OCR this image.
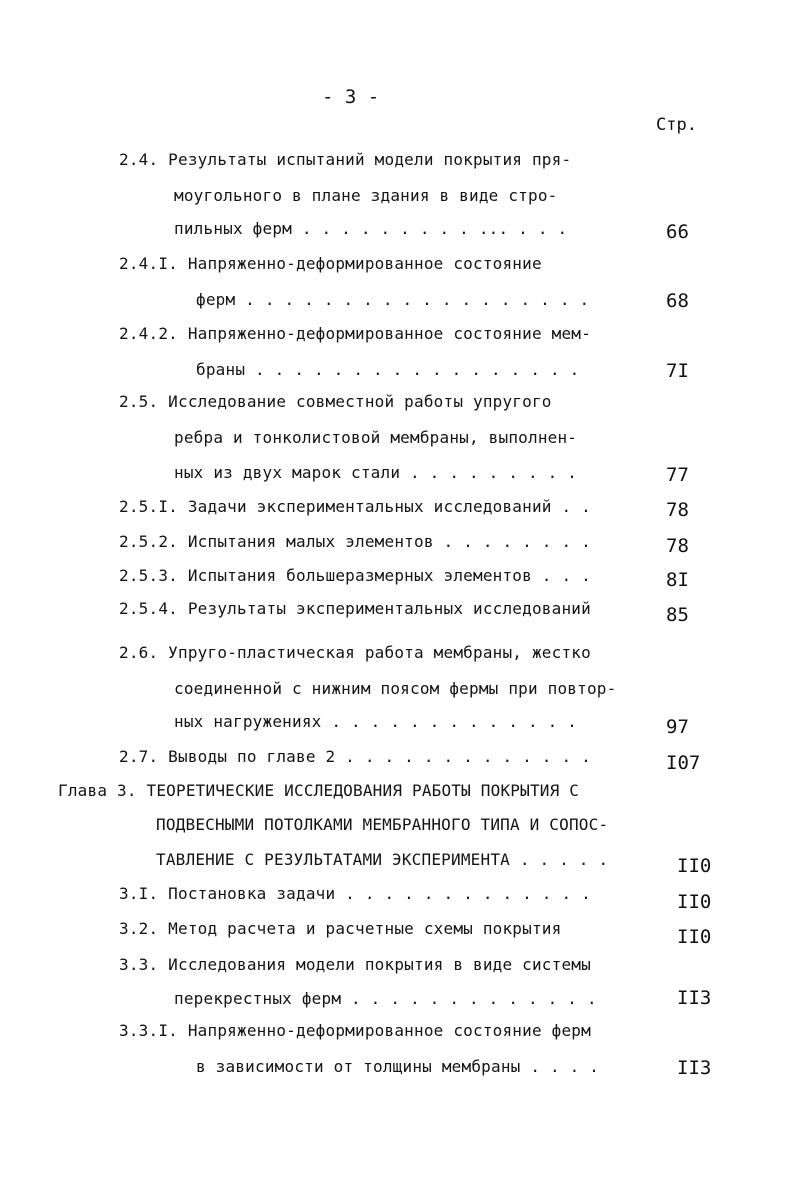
- 3 -
Стр.
2.4. Результаты испытаний модели покрытия пря-
моугольного в плане здания в виде стро-
пильных ферм . . . . . . . . . ... . . .	66
2.4.I. Напряженно-деформированное состояние
ферм . . . . . . . . . . . . . . . . . .	68
2.4.2. Напряженно-деформированное состояние мем-
браны . . . . . . . . . . . . . . . . .	7I
2.5. Исследование совместной работы упругого
ребра и тонколистовой мембраны, выполнен-
ных из двух марок стали . . . . . . . . .	77
2.5.I. Задачи экспериментальных исследований . .	78
2.5.2. Испытания малых элементов . . . . . . . .	78
2.5.3. Испытания большеразмерных элементов . . .	8I
2.5.4. Результаты экспериментальных исследований	85
2.6. Упруго-пластическая работа мембраны, жестко
соединенной с нижним поясом фермы при повтор-
ных нагружениях . . . . . . . . . . . . .	97
2.7. Выводы по главе 2 . . . . . . . . . . . . .	I07
Глава 3. ТЕОРЕТИЧЕСКИЕ ИССЛЕДОВАНИЯ РАБОТЫ ПОКРЫТИЯ С
ПОДВЕСНЫМИ ПОТОЛКАМИ МЕМБРАННОГО ТИПА И СОПОС-
ТАВЛЕНИЕ С РЕЗУЛЬТАТАМИ ЭКСПЕРИМЕНТА . . . . .	II0
3.I. Постановка задачи . . . . . . . . . . . . .	II0
3.2. Метод расчета и расчетные схемы покрытия	II0
3.3. Исследования модели покрытия в виде системы
перекрестных ферм . . . . . . . . . . . . .	II3
3.3.I. Напряженно-деформированное состояние ферм
в зависимости от толщины мембраны . . . .	II3
